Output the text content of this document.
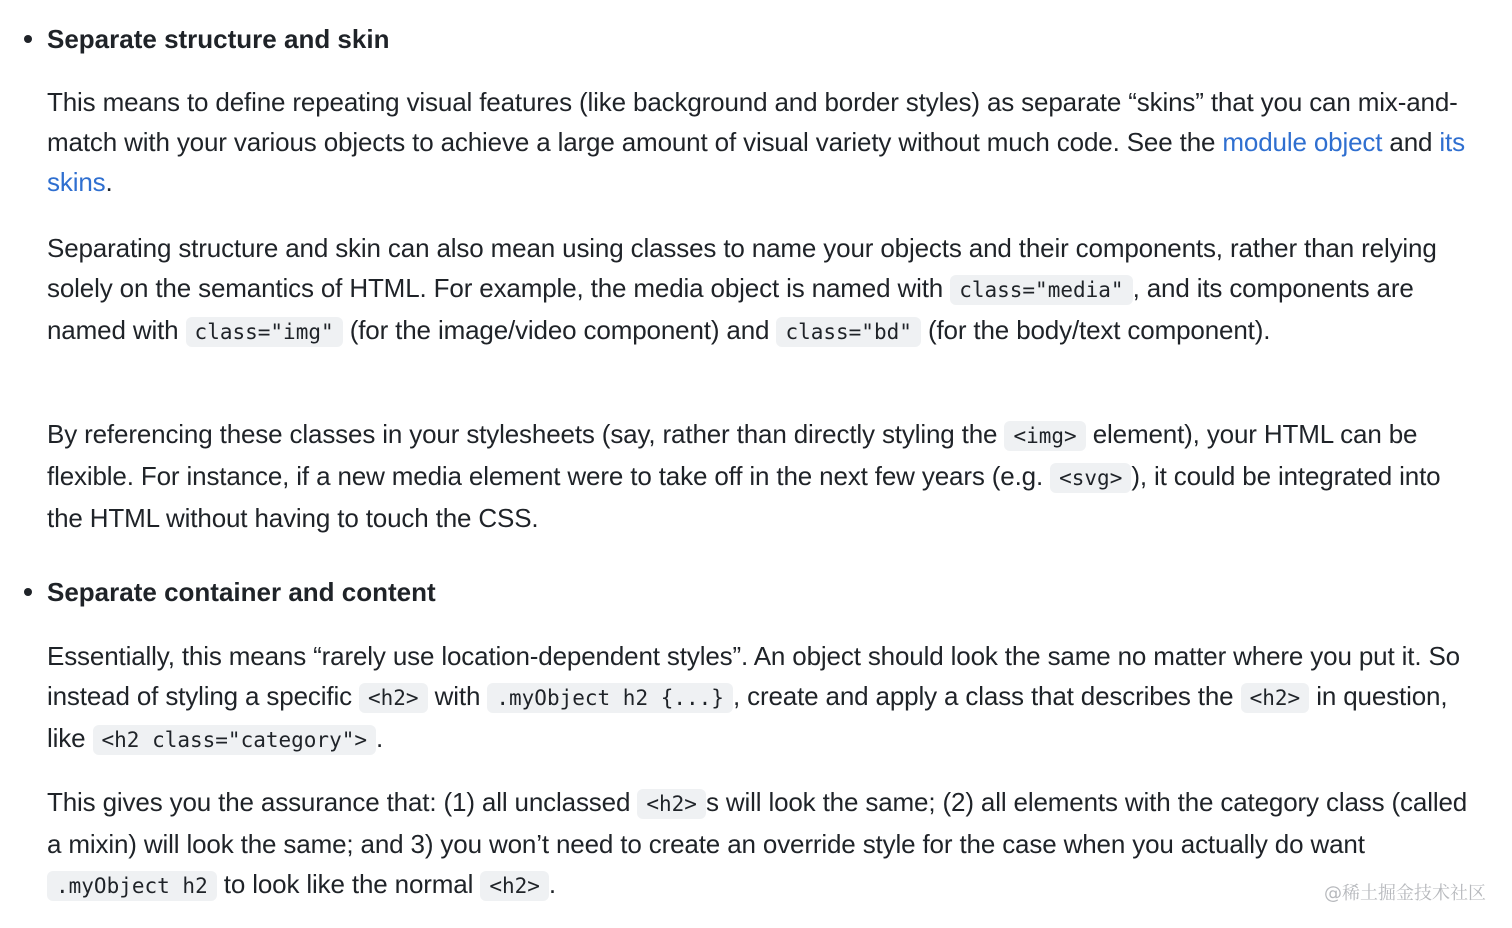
Separate structure and skin

This means to define repeating visual features (like background and border styles) as separate “skins” that you can mix-and-match with your various objects to achieve a large amount of visual variety without much code. See the module object and its skins.

Separating structure and skin can also mean using classes to name your objects and their components, rather than relying solely on the semantics of HTML. For example, the media object is named with class="media" , and its components are named with class="img" (for the image/video component) and class="bd" (for the body/text component).

By referencing these classes in your stylesheets (say, rather than directly styling the <img> element), your HTML can be flexible. For instance, if a new media element were to take off in the next few years (e.g. <svg> ), it could be integrated into the HTML without having to touch the CSS.

Separate container and content

Essentially, this means “rarely use location-dependent styles”. An object should look the same no matter where you put it. So instead of styling a specific <h2> with .myObject h2 {...} , create and apply a class that describes the <h2> in question, like <h2 class="category"> .

This gives you the assurance that: (1) all unclassed <h2> s will look the same; (2) all elements with the category class (called a mixin) will look the same; and 3) you won’t need to create an override style for the case when you actually do want .myObject h2 to look like the normal <h2> .	@稀土掘金技术社区
